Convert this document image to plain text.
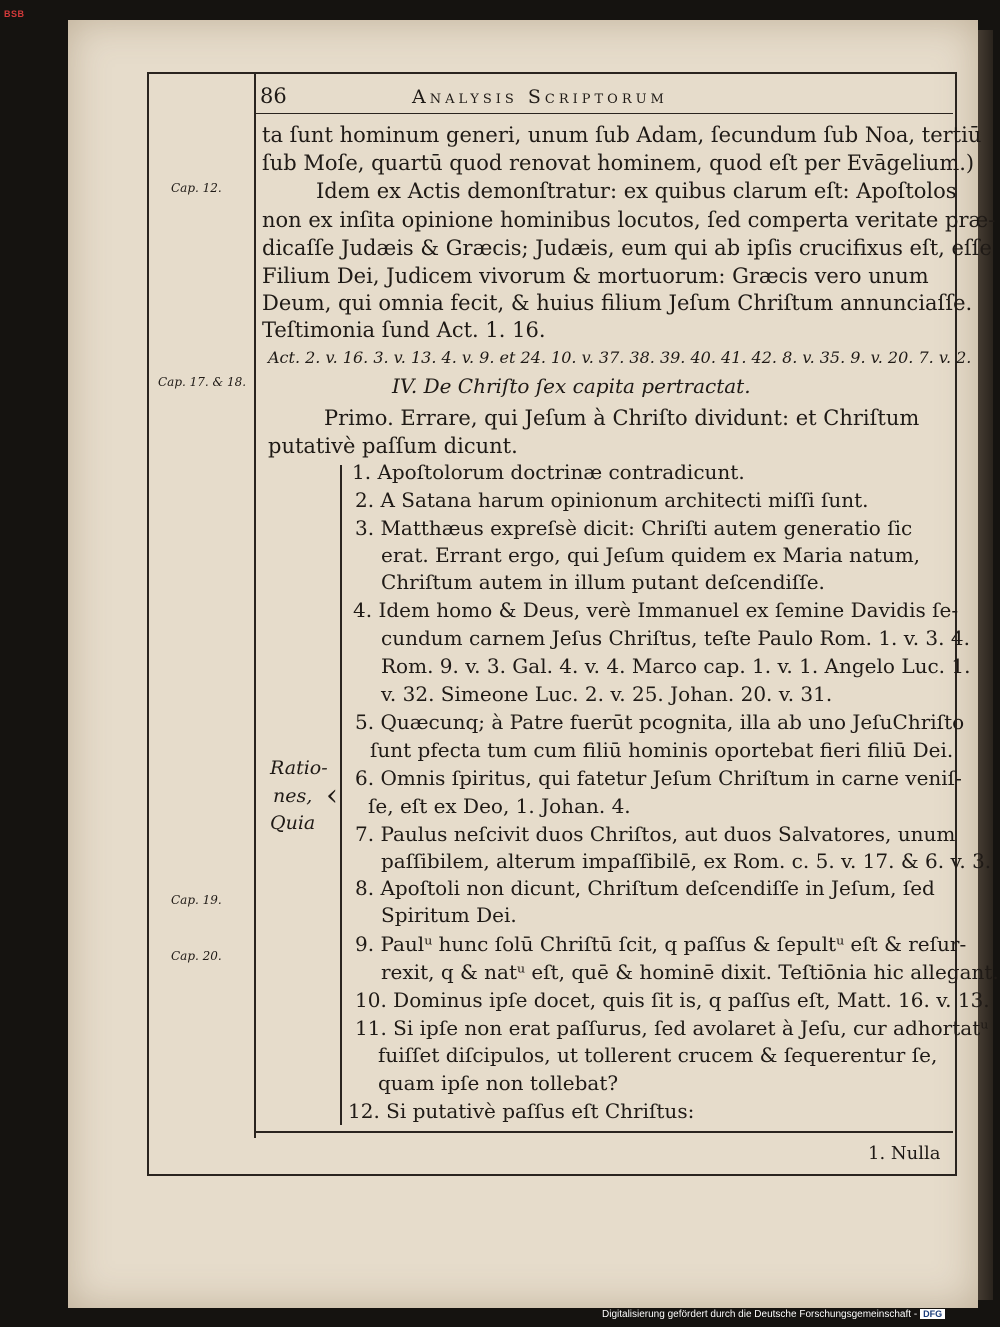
BSB
86	Analysis Scriptorum
Cap. 12.
Cap. 17. & 18.
Cap. 19.
Cap. 20.
ta ſunt hominum generi, unum ſub Adam, ſecundum ſub Noa, tertiū
ſub Moſe, quartū quod renovat hominem, quod eſt per Evāgelium.)
Idem ex Actis demonſtratur: ex quibus clarum eſt: Apoſtolos
non ex inſita opinione hominibus locutos, ſed comperta veritate præ-
dicaſſe Judæis & Græcis; Judæis, eum qui ab ipſis crucifixus eſt, eſſe
Filium Dei, Judicem vivorum & mortuorum: Græcis vero unum
Deum, qui omnia fecit, & huius filium Jeſum Chriſtum annunciaſſe.
Teſtimonia ſund Act. 1. 16.
Act. 2. v. 16. 3. v. 13. 4. v. 9. et 24. 10. v. 37. 38. 39. 40. 41. 42. 8. v. 35. 9. v. 20. 7. v. 2.
IV. De Chriſto ſex capita pertractat.
Primo. Errare, qui Jeſum à Chriſto dividunt: et Chriſtum
putativè paſſum dicunt.
‹
Ratio-
nes,
Quia
1. Apoſtolorum doctrinæ contradicunt.
2. A Satana harum opinionum architecti miſſi ſunt.
3. Matthæus expreſsè dicit: Chriſti autem generatio ſic
erat. Errant ergo, qui Jeſum quidem ex Maria natum,
Chriſtum autem in illum putant deſcendiſſe.
4. Idem homo & Deus, verè Immanuel ex ſemine Davidis ſe-
cundum carnem Jeſus Chriſtus, teſte Paulo Rom. 1. v. 3. 4.
Rom. 9. v. 3. Gal. 4. v. 4. Marco cap. 1. v. 1. Angelo Luc. 1.
v. 32. Simeone Luc. 2. v. 25. Johan. 20. v. 31.
5. Quæcunq; à Patre fuerūt pcognita, illa ab uno JeſuChriſto
ſunt pfecta tum cum filiū hominis oportebat fieri filiū Dei.
6. Omnis ſpiritus, qui fatetur Jeſum Chriſtum in carne veniſ-
ſe, eſt ex Deo, 1. Johan. 4.
7. Paulus neſcivit duos Chriſtos, aut duos Salvatores, unum
paſſibilem, alterum impaſſibilē, ex Rom. c. 5. v. 17. & 6. v. 3.
8. Apoſtoli non dicunt, Chriſtum deſcendiſſe in Jeſum, ſed
Spiritum Dei.
9. Paulᵘ hunc ſolū Chriſtū ſcit, q paſſus & ſepultᵘ eſt & reſur-
rexit, q & natᵘ eſt, quē & hominē dixit. Teſtiōnia hic allegant.
10. Dominus ipſe docet, quis ſit is, q paſſus eſt, Matt. 16. v. 13.
11. Si ipſe non erat paſſurus, ſed avolaret à Jeſu, cur adhortatᵘ
fuiſſet diſcipulos, ut tollerent crucem & ſequerentur ſe,
quam ipſe non tollebat?
12. Si putativè paſſus eſt Chriſtus:
1. Nulla
Digitalisierung gefördert durch die Deutsche Forschungsgemeinschaft - DFG
